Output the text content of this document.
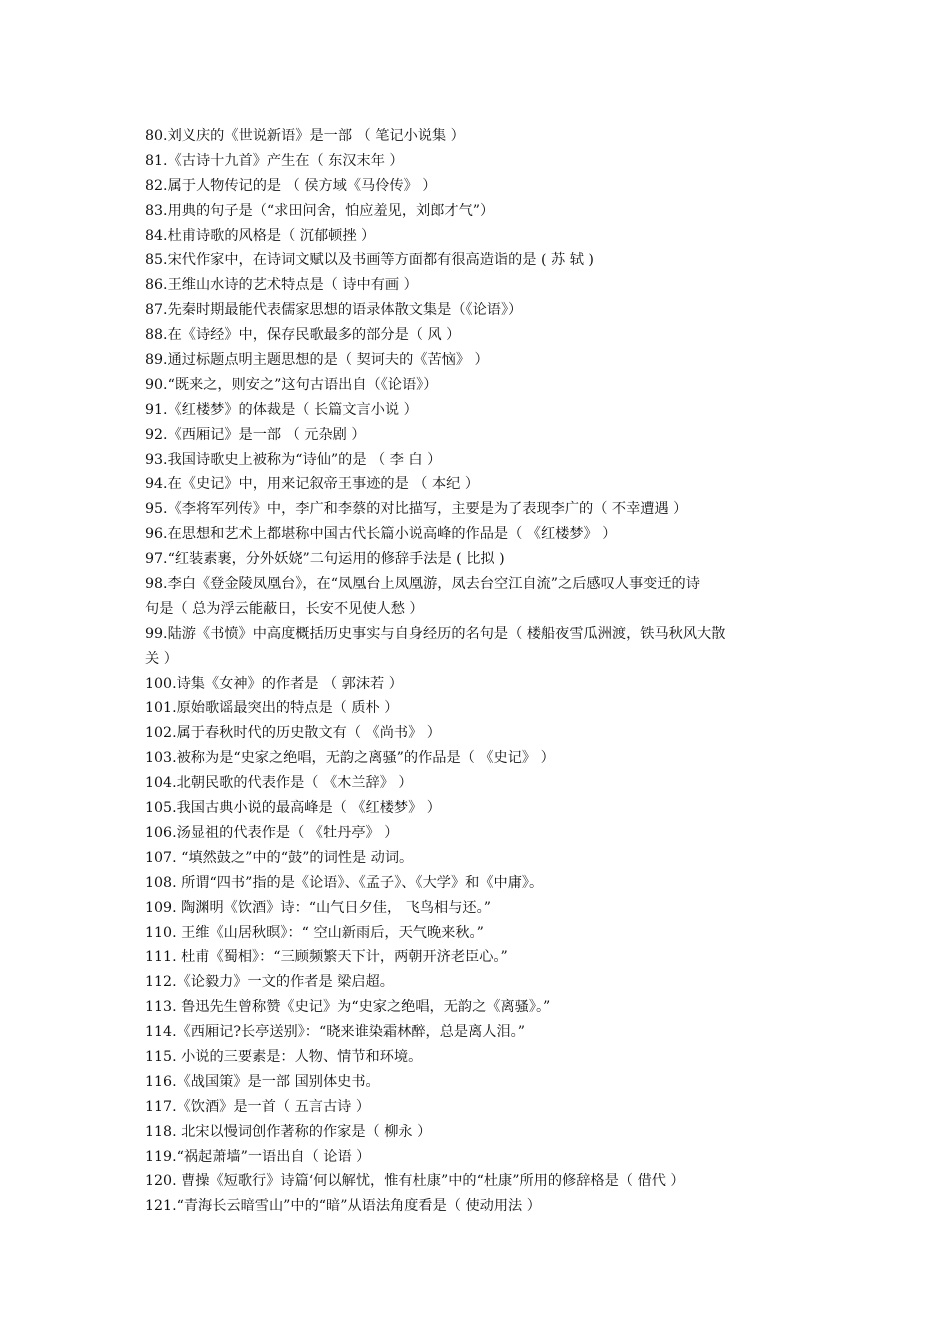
80.刘义庆的《世说新语》是一部 （ 笔记小说集 ）
81.《古诗十九首》产生在（ 东汉末年 ）
82.属于人物传记的是 （ 侯方域《马伶传》 ）
83.用典的句子是（“求田问舍，怕应羞见，刘郎才气”）
84.杜甫诗歌的风格是（ 沉郁顿挫 ）
85.宋代作家中，在诗词文赋以及书画等方面都有很高造诣的是 ( 苏 轼 )
86.王维山水诗的艺术特点是（ 诗中有画 ）
87.先秦时期最能代表儒家思想的语录体散文集是（《论语》）
88.在《诗经》中，保存民歌最多的部分是（ 风 ）
89.通过标题点明主题思想的是（ 契诃夫的《苦恼》 ）
90.“既来之，则安之”这句古语出自（《论语》）
91.《红楼梦》的体裁是（ 长篇文言小说 ）
92.《西厢记》是一部 （ 元杂剧 ）
93.我国诗歌史上被称为“诗仙”的是 （ 李 白 ）
94.在《史记》中，用来记叙帝王事迹的是 （ 本纪 ）
95.《李将军列传》中，李广和李蔡的对比描写，主要是为了表现李广的（ 不幸遭遇 ）
96.在思想和艺术上都堪称中国古代长篇小说高峰的作品是（ 《红楼梦》 ）
97.“红装素裹，分外妖娆”二句运用的修辞手法是 ( 比拟 )
98.李白《登金陵凤凰台》，在“凤凰台上凤凰游，凤去台空江自流”之后感叹人事变迁的诗
句是（ 总为浮云能蔽日，长安不见使人愁 ）
99.陆游《书愤》中高度概括历史事实与自身经历的名句是（ 楼船夜雪瓜洲渡，铁马秋风大散
关 ）
100.诗集《女神》的作者是 （ 郭沫若 ）
101.原始歌谣最突出的特点是（ 质朴 ）
102.属于春秋时代的历史散文有（ 《尚书》 ）
103.被称为是“史家之绝唱，无韵之离骚”的作品是（ 《史记》 ）
104.北朝民歌的代表作是（ 《木兰辞》 ）
105.我国古典小说的最高峰是（ 《红楼梦》 ）
106.汤显祖的代表作是（ 《牡丹亭》 ）
107. “填然鼓之”中的“鼓”的词性是 动词。
108. 所谓“四书”指的是《论语》、《孟子》、《大学》和《中庸》。
109. 陶渊明《饮酒》诗：“山气日夕佳， 飞鸟相与还。”
110. 王维《山居秋暝》：“ 空山新雨后，天气晚来秋。”
111. 杜甫《蜀相》：“三顾频繁天下计，两朝开济老臣心。”
112.《论毅力》一文的作者是 梁启超。
113. 鲁迅先生曾称赞《史记》为“史家之绝唱，无韵之《离骚》。”
114.《西厢记?长亭送别》：“晓来谁染霜林醉，总是离人泪。”
115. 小说的三要素是：人物、情节和环境。
116.《战国策》是一部 国别体史书。
117.《饮酒》是一首（ 五言古诗 ）
118. 北宋以慢词创作著称的作家是（ 柳永 ）
119.“祸起萧墙”一语出自（ 论语 ）
120. 曹操《短歌行》诗篇‘何以解忧，惟有杜康”中的“杜康”所用的修辞格是（ 借代 ）
121.“青海长云暗雪山”中的“暗”从语法角度看是（ 使动用法 ）
